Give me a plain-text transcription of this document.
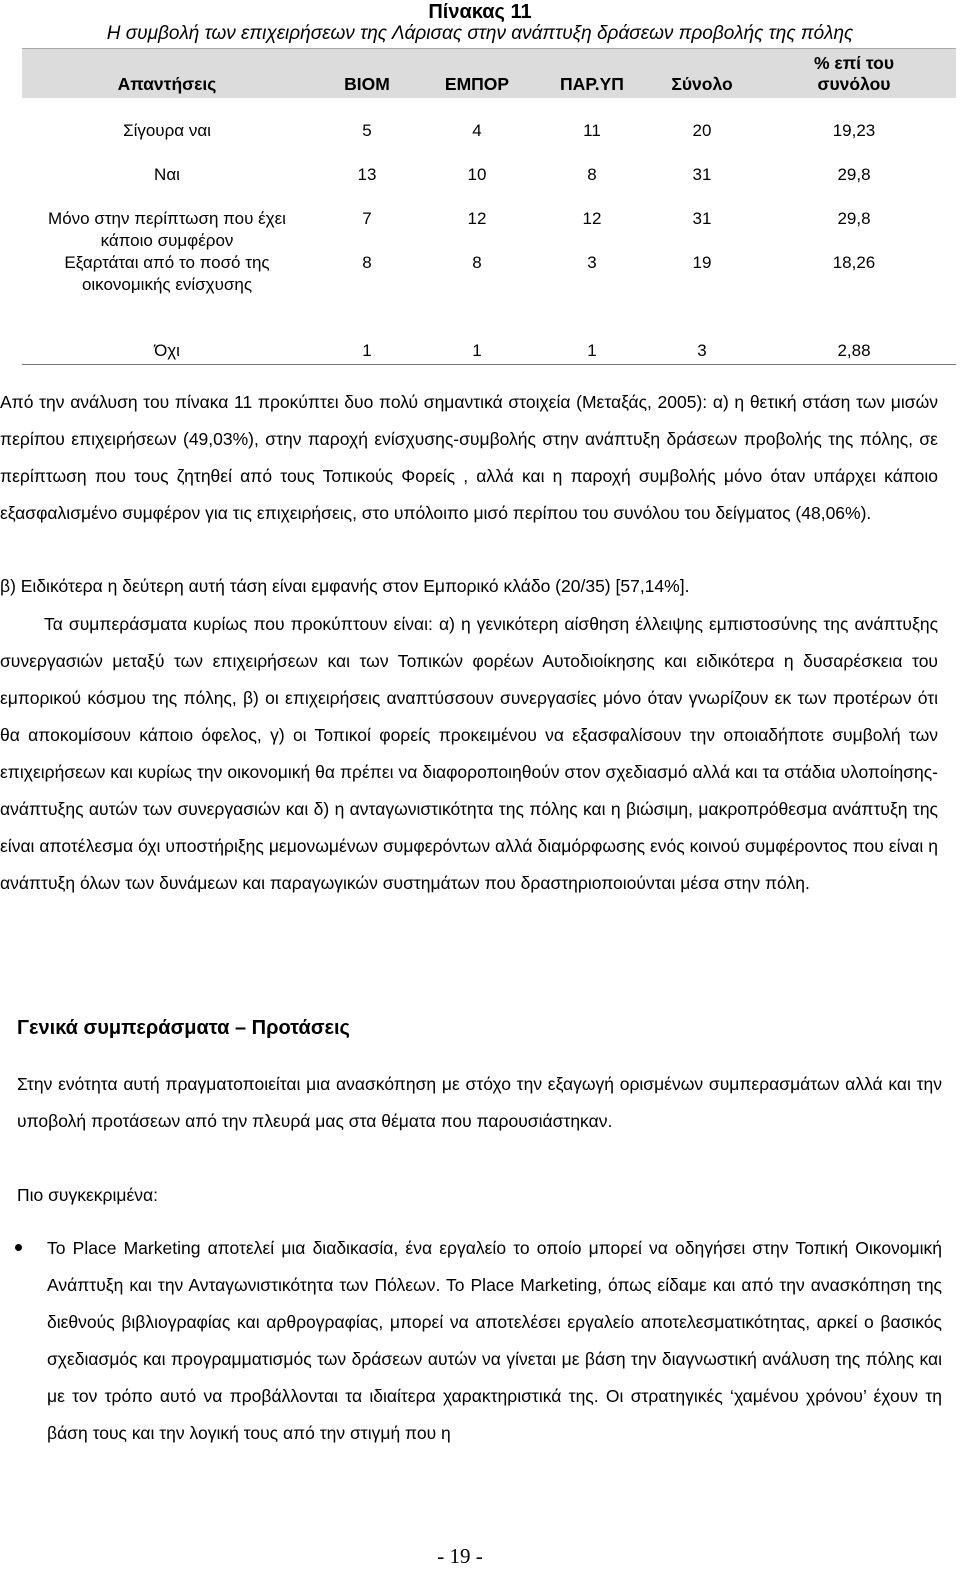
Πίνακας 11
Η συμβολή των επιχειρήσεων της Λάρισας στην ανάπτυξη δράσεων προβολής της πόλης
Απαντήσεις	ΒΙΟΜ	ΕΜΠΟΡ	ΠΑΡ.ΥΠ	Σύνολο	% επί του
συνόλου
Σίγουρα ναι	5	4	11	20	19,23
Ναι	13	10	8	31	29,8
Μόνο στην περίπτωση που έχει
κάποιο συμφέρον	7	12	12	31	29,8
Εξαρτάται από το ποσό της
οικονομικής ενίσχυσης	8	8	3	19	18,26
Όχι	1	1	1	3	2,88

Από την ανάλυση του πίνακα 11 προκύπτει δυο πολύ σημαντικά στοιχεία (Μεταξάς, 2005): α) η θετική στάση των μισών περίπου επιχειρήσεων (49,03%), στην παροχή ενίσχυσης-συμβολής στην ανάπτυξη δράσεων προβολής της πόλης, σε περίπτωση που τους ζητηθεί από τους Τοπικούς Φορείς , αλλά και η παροχή συμβολής μόνο όταν υπάρχει κάποιο εξασφαλισμένο συμφέρον για τις επιχειρήσεις, στο υπόλοιπο μισό περίπου του συνόλου του δείγματος (48,06%).

β) Ειδικότερα η δεύτερη αυτή τάση είναι εμφανής στον Εμπορικό κλάδο (20/35) [57,14%].

Τα συμπεράσματα κυρίως που προκύπτουν είναι: α) η γενικότερη αίσθηση έλλειψης εμπιστοσύνης της ανάπτυξης συνεργασιών μεταξύ των επιχειρήσεων και των Τοπικών φορέων Αυτοδιοίκησης και ειδικότερα η δυσαρέσκεια του εμπορικού κόσμου της πόλης, β) οι επιχειρήσεις αναπτύσσουν συνεργασίες μόνο όταν γνωρίζουν εκ των προτέρων ότι θα αποκομίσουν κάποιο όφελος, γ) οι Τοπικοί φορείς προκειμένου να εξασφαλίσουν την οποιαδήποτε συμβολή των επιχειρήσεων και κυρίως την οικονομική θα πρέπει να διαφοροποιηθούν στον σχεδιασμό αλλά και τα στάδια υλοποίησης-ανάπτυξης αυτών των συνεργασιών και δ) η ανταγωνιστικότητα της πόλης και η βιώσιμη, μακροπρόθεσμα ανάπτυξη της είναι αποτέλεσμα όχι υποστήριξης μεμονωμένων συμφερόντων αλλά διαμόρφωσης ενός κοινού συμφέροντος που είναι η ανάπτυξη όλων των δυνάμεων και παραγωγικών συστημάτων που δραστηριοποιούνται μέσα στην πόλη.

Γενικά συμπεράσματα – Προτάσεις

Στην ενότητα αυτή πραγματοποιείται μια ανασκόπηση με στόχο την εξαγωγή ορισμένων συμπερασμάτων αλλά και την υποβολή προτάσεων από την πλευρά μας στα θέματα που παρουσιάστηκαν.

Πιο συγκεκριμένα:

Το Place Marketing αποτελεί μια διαδικασία, ένα εργαλείο το οποίο μπορεί να οδηγήσει στην Τοπική Οικονομική Ανάπτυξη και την Ανταγωνιστικότητα των Πόλεων. Το Place Marketing, όπως είδαμε και από την ανασκόπηση της διεθνούς βιβλιογραφίας και αρθρογραφίας, μπορεί να αποτελέσει εργαλείο αποτελεσματικότητας, αρκεί ο βασικός σχεδιασμός και προγραμματισμός των δράσεων αυτών να γίνεται με βάση την διαγνωστική ανάλυση της πόλης και με τον τρόπο αυτό να προβάλλονται τα ιδιαίτερα χαρακτηριστικά της. Οι στρατηγικές ‘χαμένου χρόνου’ έχουν τη βάση τους και την λογική τους από την στιγμή που η

- 19 -
